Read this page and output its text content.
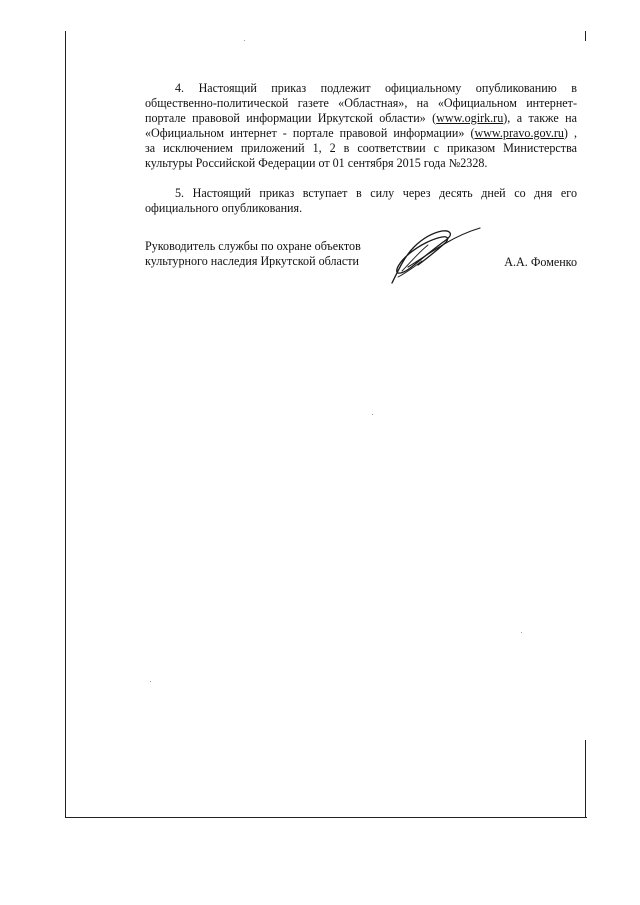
4. Настоящий приказ подлежит официальному опубликованию в
общественно-политической газете «Областная», на «Официальном интернет-
портале правовой информации Иркутской области» (www.ogirk.ru), а также на
«Официальном интернет - портале правовой информации» (www.pravo.gov.ru) ,
за исключением приложений 1, 2 в соответствии с приказом Министерства
культуры Российской Федерации от 01 сентября 2015 года №2328.

5. Настоящий приказ вступает в силу через десять дней со дня его
официального опубликования.

Руководитель службы по охране объектов
культурного наследия Иркутской области	А.А. Фоменко
